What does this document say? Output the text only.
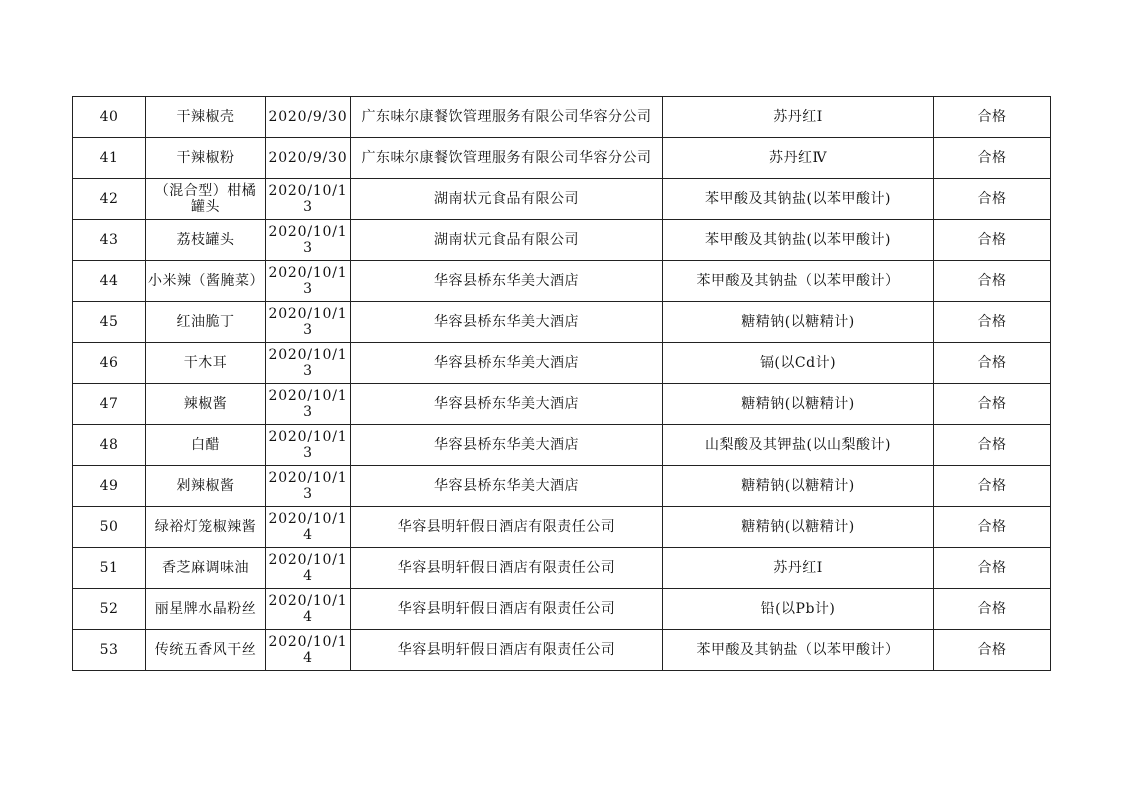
40	干辣椒壳	2020/9/30	广东味尔康餐饮管理服务有限公司华容分公司	苏丹红Ⅰ	合格
41	干辣椒粉	2020/9/30	广东味尔康餐饮管理服务有限公司华容分公司	苏丹红Ⅳ	合格
42	（混合型）柑橘罐头	2020/10/13	湖南状元食品有限公司	苯甲酸及其钠盐(以苯甲酸计)	合格
43	荔枝罐头	2020/10/13	湖南状元食品有限公司	苯甲酸及其钠盐(以苯甲酸计)	合格
44	小米辣（酱腌菜）	2020/10/13	华容县桥东华美大酒店	苯甲酸及其钠盐（以苯甲酸计）	合格
45	红油脆丁	2020/10/13	华容县桥东华美大酒店	糖精钠(以糖精计)	合格
46	干木耳	2020/10/13	华容县桥东华美大酒店	镉(以Cd计)	合格
47	辣椒酱	2020/10/13	华容县桥东华美大酒店	糖精钠(以糖精计)	合格
48	白醋	2020/10/13	华容县桥东华美大酒店	山梨酸及其钾盐(以山梨酸计)	合格
49	剁辣椒酱	2020/10/13	华容县桥东华美大酒店	糖精钠(以糖精计)	合格
50	绿裕灯笼椒辣酱	2020/10/14	华容县明轩假日酒店有限责任公司	糖精钠(以糖精计)	合格
51	香芝麻调味油	2020/10/14	华容县明轩假日酒店有限责任公司	苏丹红I	合格
52	丽星牌水晶粉丝	2020/10/14	华容县明轩假日酒店有限责任公司	铅(以Pb计)	合格
53	传统五香风干丝	2020/10/14	华容县明轩假日酒店有限责任公司	苯甲酸及其钠盐（以苯甲酸计）	合格
